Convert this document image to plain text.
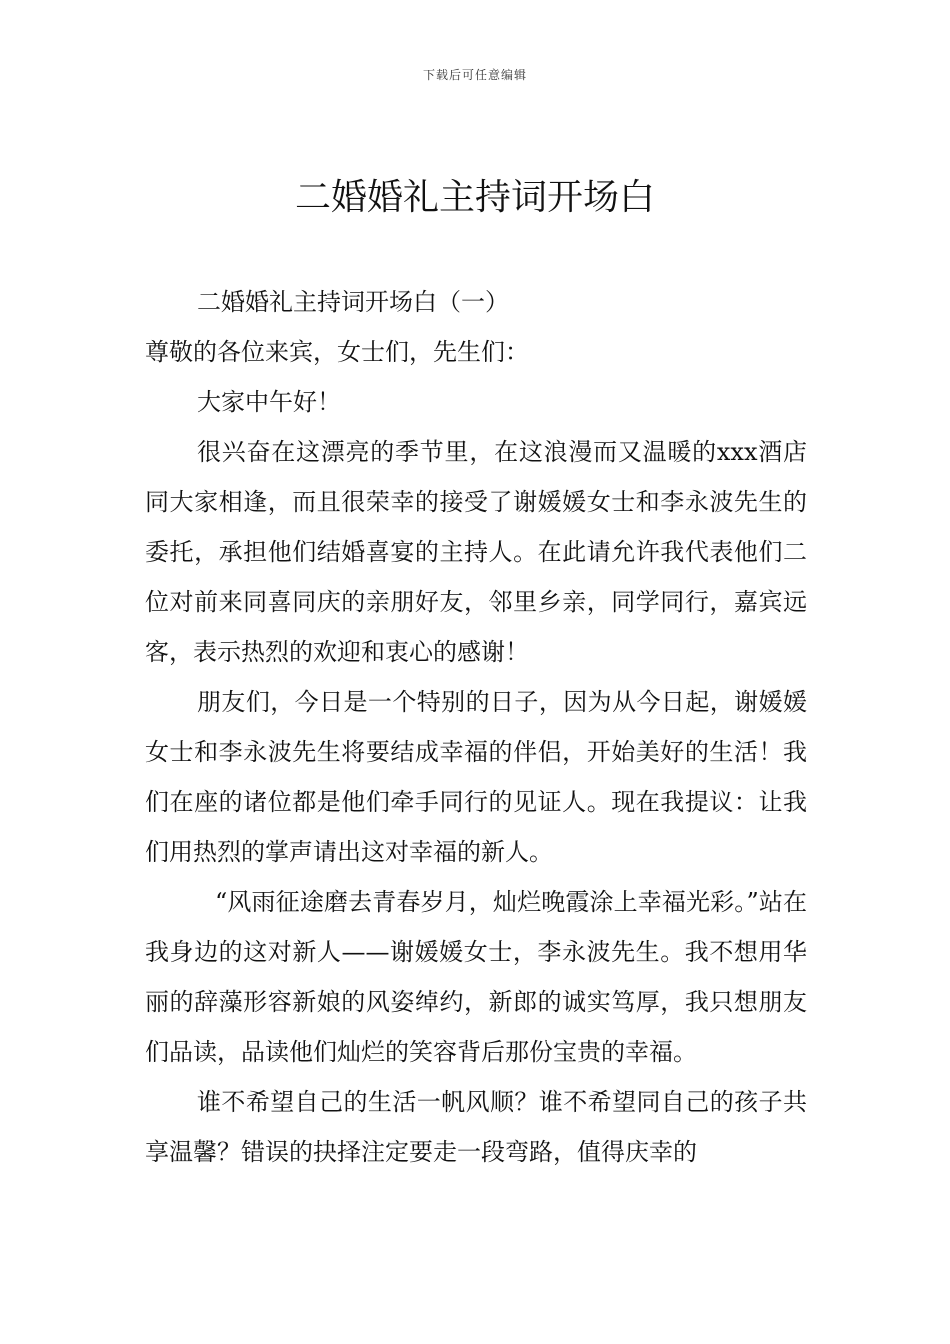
下载后可任意编辑
二婚婚礼主持词开场白

二婚婚礼主持词开场白（一）

尊敬的各位来宾，女士们，先生们：

大家中午好！

很兴奋在这漂亮的季节里，在这浪漫而又温暖的xxx酒店同大家相逢，而且很荣幸的接受了谢媛媛女士和李永波先生的委托，承担他们结婚喜宴的主持人。在此请允许我代表他们二位对前来同喜同庆的亲朋好友，邻里乡亲，同学同行，嘉宾远客，表示热烈的欢迎和衷心的感谢！

朋友们，今日是一个特别的日子，因为从今日起，谢媛媛女士和李永波先生将要结成幸福的伴侣，开始美好的生活！我们在座的诸位都是他们牵手同行的见证人。现在我提议：让我们用热烈的掌声请出这对幸福的新人。

“风雨征途磨去青春岁月，灿烂晚霞涂上幸福光彩。”站在我身边的这对新人——谢媛媛女士，李永波先生。我不想用华丽的辞藻形容新娘的风姿绰约，新郎的诚实笃厚，我只想朋友们品读，品读他们灿烂的笑容背后那份宝贵的幸福。

谁不希望自己的生活一帆风顺？谁不希望同自己的孩子共享温馨？错误的抉择注定要走一段弯路，值得庆幸的
